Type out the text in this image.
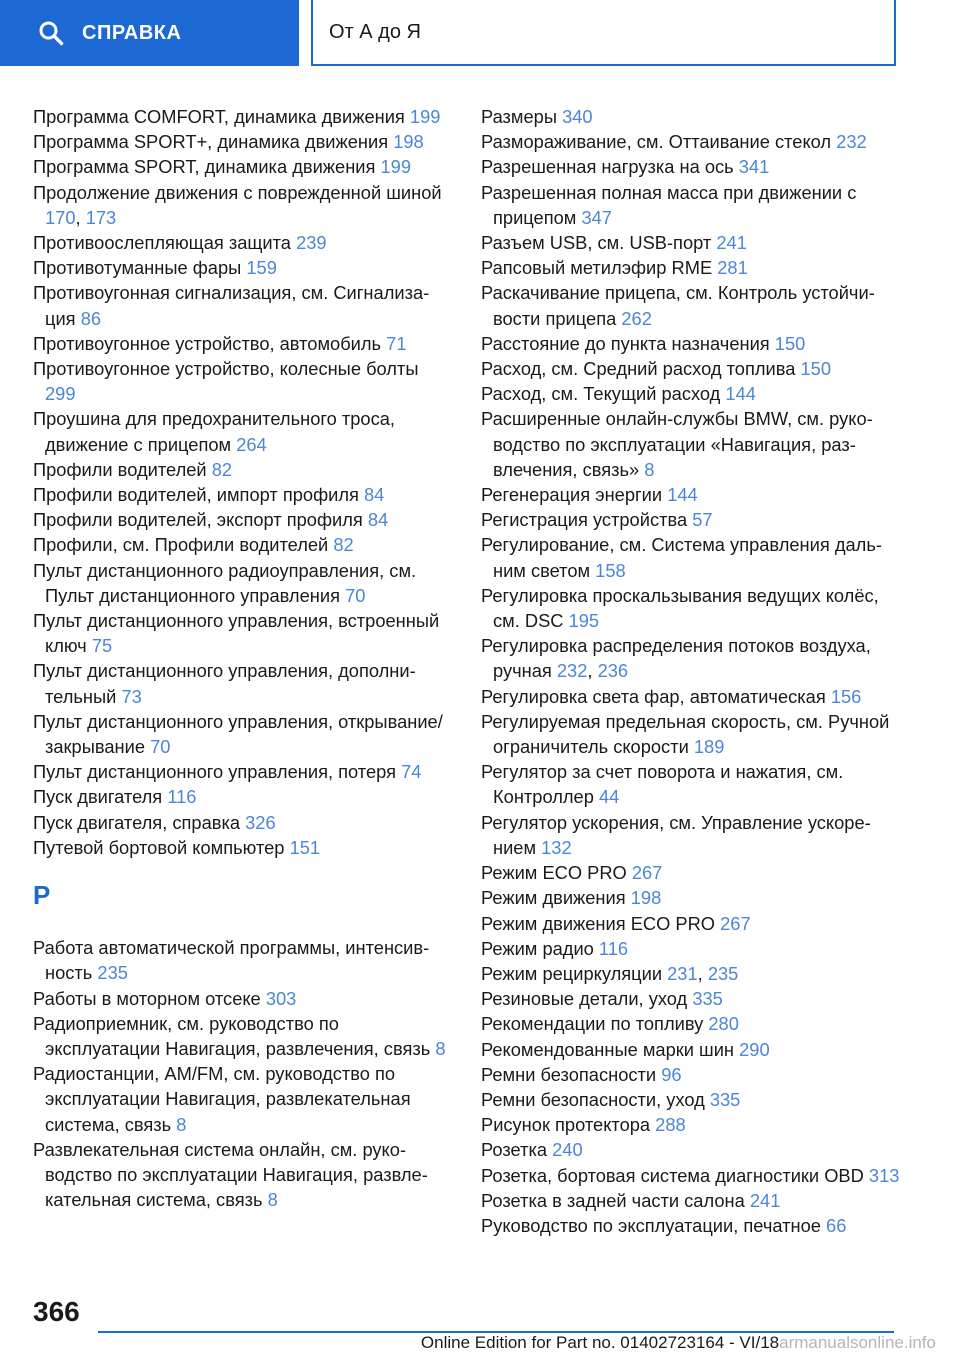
СПРАВКА	От А до Я
Программа COMFORT, динамика движения 199
Программа SPORT+, динамика движения 198
Программа SPORT, динамика движения 199
Продолжение движения с поврежденной шиной 170, 173
Противоослепляющая защита 239
Противотуманные фары 159
Противоугонная сигнализация, см. Сигнализация 86
Противоугонное устройство, автомобиль 71
Противоугонное устройство, колесные болты 299
Проушина для предохранительного троса, движение с прицепом 264
Профили водителей 82
Профили водителей, импорт профиля 84
Профили водителей, экспорт профиля 84
Профили, см. Профили водителей 82
Пульт дистанционного радиоуправления, см. Пульт дистанционного управления 70
Пульт дистанционного управления, встроенный ключ 75
Пульт дистанционного управления, дополнительный 73
Пульт дистанционного управления, открывание/закрывание 70
Пульт дистанционного управления, потеря 74
Пуск двигателя 116
Пуск двигателя, справка 326
Путевой бортовой компьютер 151
Р
Работа автоматической программы, интенсивность 235
Работы в моторном отсеке 303
Радиоприемник, см. руководство по эксплуатации Навигация, развлечения, связь 8
Радиостанции, AM/FM, см. руководство по эксплуатации Навигация, развлекательная система, связь 8
Развлекательная система онлайн, см. руководство по эксплуатации Навигация, развлекательная система, связь 8
Размеры 340
Размораживание, см. Оттаивание стекол 232
Разрешенная нагрузка на ось 341
Разрешенная полная масса при движении с прицепом 347
Разъем USB, см. USB-порт 241
Рапсовый метилэфир RME 281
Раскачивание прицепа, см. Контроль устойчивости прицепа 262
Расстояние до пункта назначения 150
Расход, см. Средний расход топлива 150
Расход, см. Текущий расход 144
Расширенные онлайн-службы BMW, см. руководство по эксплуатации «Навигация, развлечения, связь» 8
Регенерация энергии 144
Регистрация устройства 57
Регулирование, см. Система управления дальним светом 158
Регулировка проскальзывания ведущих колёс, см. DSC 195
Регулировка распределения потоков воздуха, ручная 232, 236
Регулировка света фар, автоматическая 156
Регулируемая предельная скорость, см. Ручной ограничитель скорости 189
Регулятор за счет поворота и нажатия, см. Контроллер 44
Регулятор ускорения, см. Управление ускорением 132
Режим ECO PRO 267
Режим движения 198
Режим движения ECO PRO 267
Режим радио 116
Режим рециркуляции 231, 235
Резиновые детали, уход 335
Рекомендации по топливу 280
Рекомендованные марки шин 290
Ремни безопасности 96
Ремни безопасности, уход 335
Рисунок протектора 288
Розетка 240
Розетка, бортовая система диагностики OBD 313
Розетка в задней части салона 241
Руководство по эксплуатации, печатное 66
366
Online Edition for Part no. 01402723164 - VI/18armanualsonline.info
